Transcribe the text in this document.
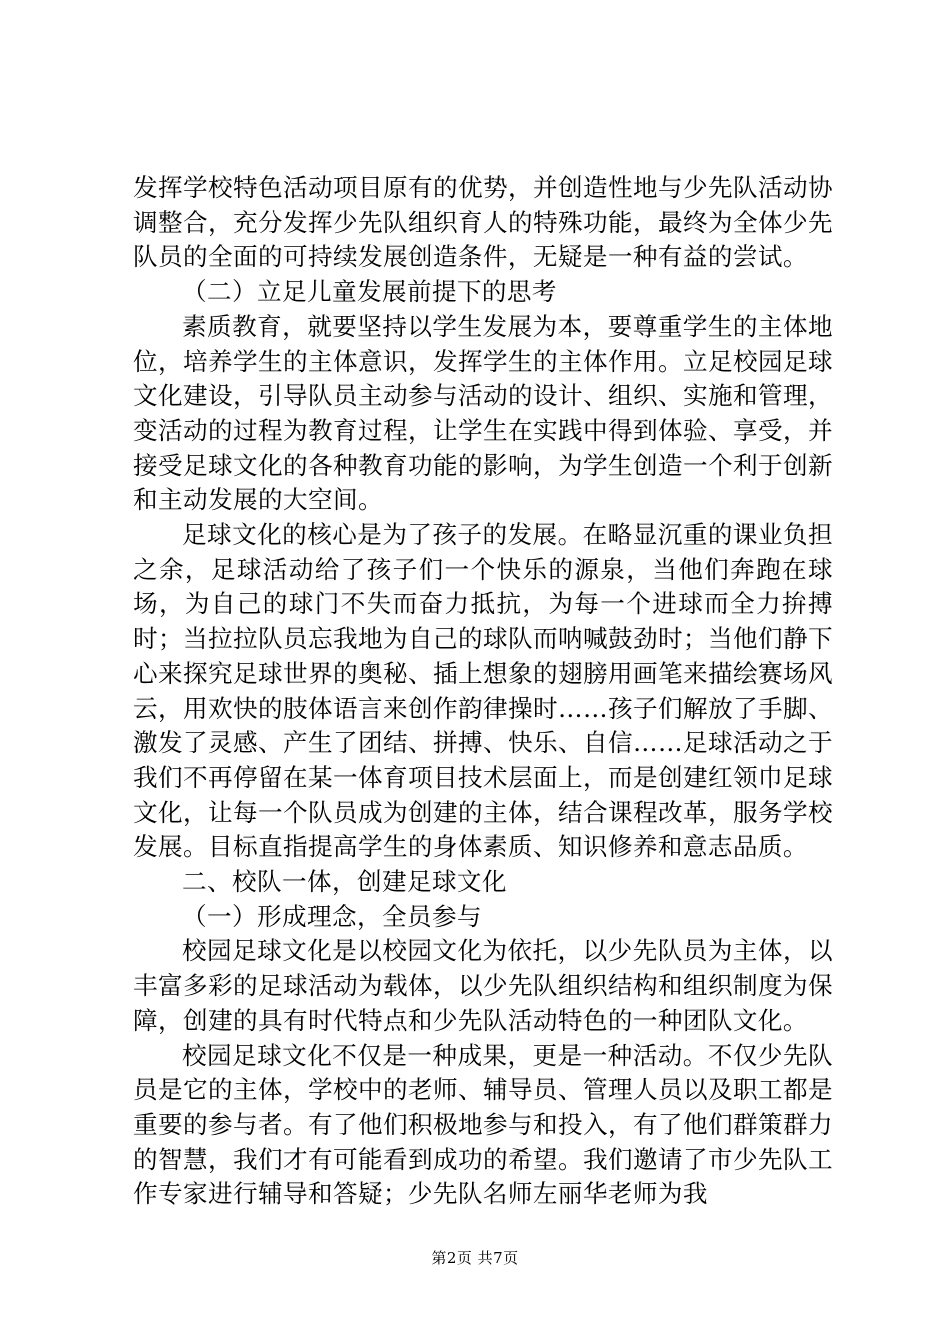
发挥学校特色活动项目原有的优势，并创造性地与少先队活动协调整合，充分发挥少先队组织育人的特殊功能，最终为全体少先队员的全面的可持续发展创造条件，无疑是一种有益的尝试。

（二）立足儿童发展前提下的思考

素质教育，就要坚持以学生发展为本，要尊重学生的主体地位，培养学生的主体意识，发挥学生的主体作用。立足校园足球文化建设，引导队员主动参与活动的设计、组织、实施和管理，变活动的过程为教育过程，让学生在实践中得到体验、享受，并接受足球文化的各种教育功能的影响，为学生创造一个利于创新和主动发展的大空间。

足球文化的核心是为了孩子的发展。在略显沉重的课业负担之余，足球活动给了孩子们一个快乐的源泉，当他们奔跑在球场，为自己的球门不失而奋力抵抗，为每一个进球而全力拚搏时；当拉拉队员忘我地为自己的球队而呐喊鼓劲时；当他们静下心来探究足球世界的奥秘、插上想象的翅膀用画笔来描绘赛场风云，用欢快的肢体语言来创作韵律操时……孩子们解放了手脚、激发了灵感、产生了团结、拼搏、快乐、自信……足球活动之于我们不再停留在某一体育项目技术层面上，而是创建红领巾足球文化，让每一个队员成为创建的主体，结合课程改革，服务学校发展。目标直指提高学生的身体素质、知识修养和意志品质。

二、校队一体，创建足球文化

（一）形成理念，全员参与

校园足球文化是以校园文化为依托，以少先队员为主体，以丰富多彩的足球活动为载体，以少先队组织结构和组织制度为保障，创建的具有时代特点和少先队活动特色的一种团队文化。

校园足球文化不仅是一种成果，更是一种活动。不仅少先队员是它的主体，学校中的老师、辅导员、管理人员以及职工都是重要的参与者。有了他们积极地参与和投入，有了他们群策群力的智慧，我们才有可能看到成功的希望。我们邀请了市少先队工作专家进行辅导和答疑；少先队名师左丽华老师为我

第2页 共7页
